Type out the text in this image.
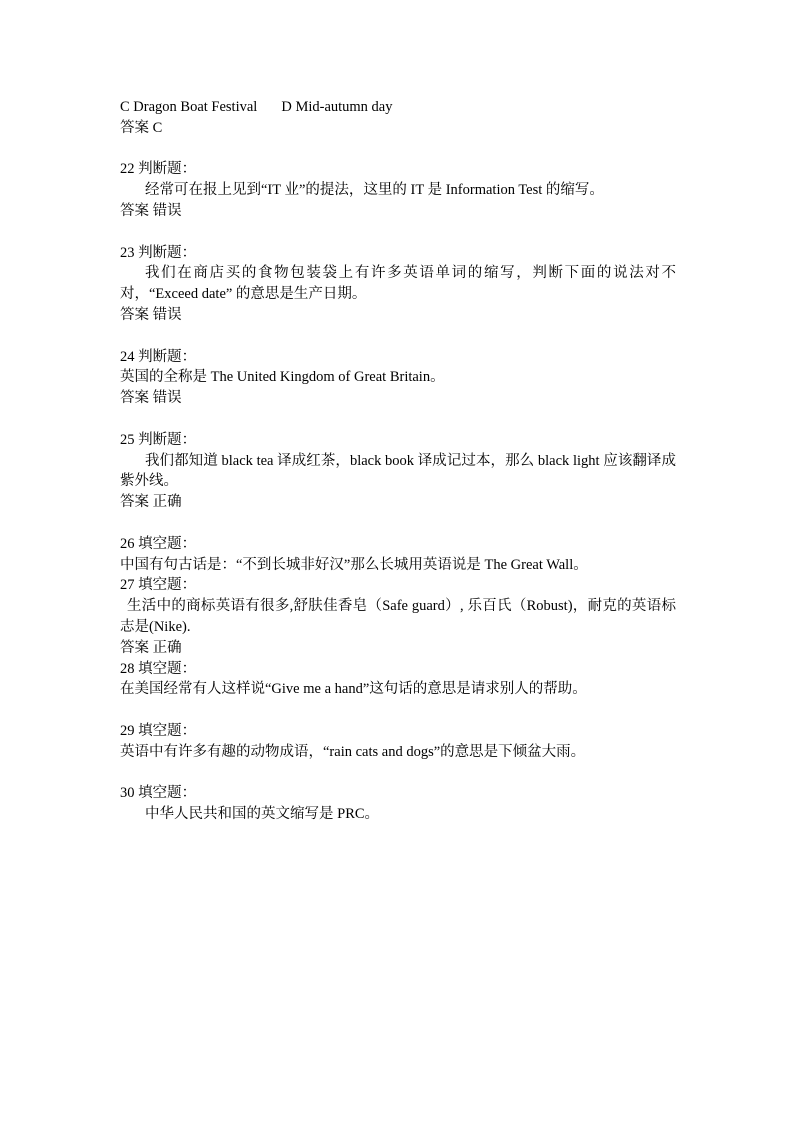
C Dragon Boat Festival D Mid-autumn day
答案 C
22 判断题：
经常可在报上见到“IT 业”的提法，这里的 IT 是 Information Test 的缩写。
答案 错误
23 判断题：
我们在商店买的食物包装袋上有许多英语单词的缩写，判断下面的说法对不对，“Exceed date” 的意思是生产日期。
答案 错误
24 判断题：
英国的全称是 The United Kingdom of Great Britain。
答案 错误
25 判断题：
我们都知道 black tea 译成红茶，black book 译成记过本，那么 black light 应该翻译成紫外线。
答案 正确
26 填空题：
中国有句古话是：“不到长城非好汉”那么长城用英语说是 The Great Wall。
27 填空题：
生活中的商标英语有很多,舒肤佳香皂（Safe guard）, 乐百氏（Robust)，耐克的英语标志是(Nike).
答案 正确
28 填空题：
在美国经常有人这样说“Give me a hand”这句话的意思是请求别人的帮助。
29 填空题：
英语中有许多有趣的动物成语，“rain cats and dogs”的意思是下倾盆大雨。
30 填空题：
中华人民共和国的英文缩写是 PRC。
